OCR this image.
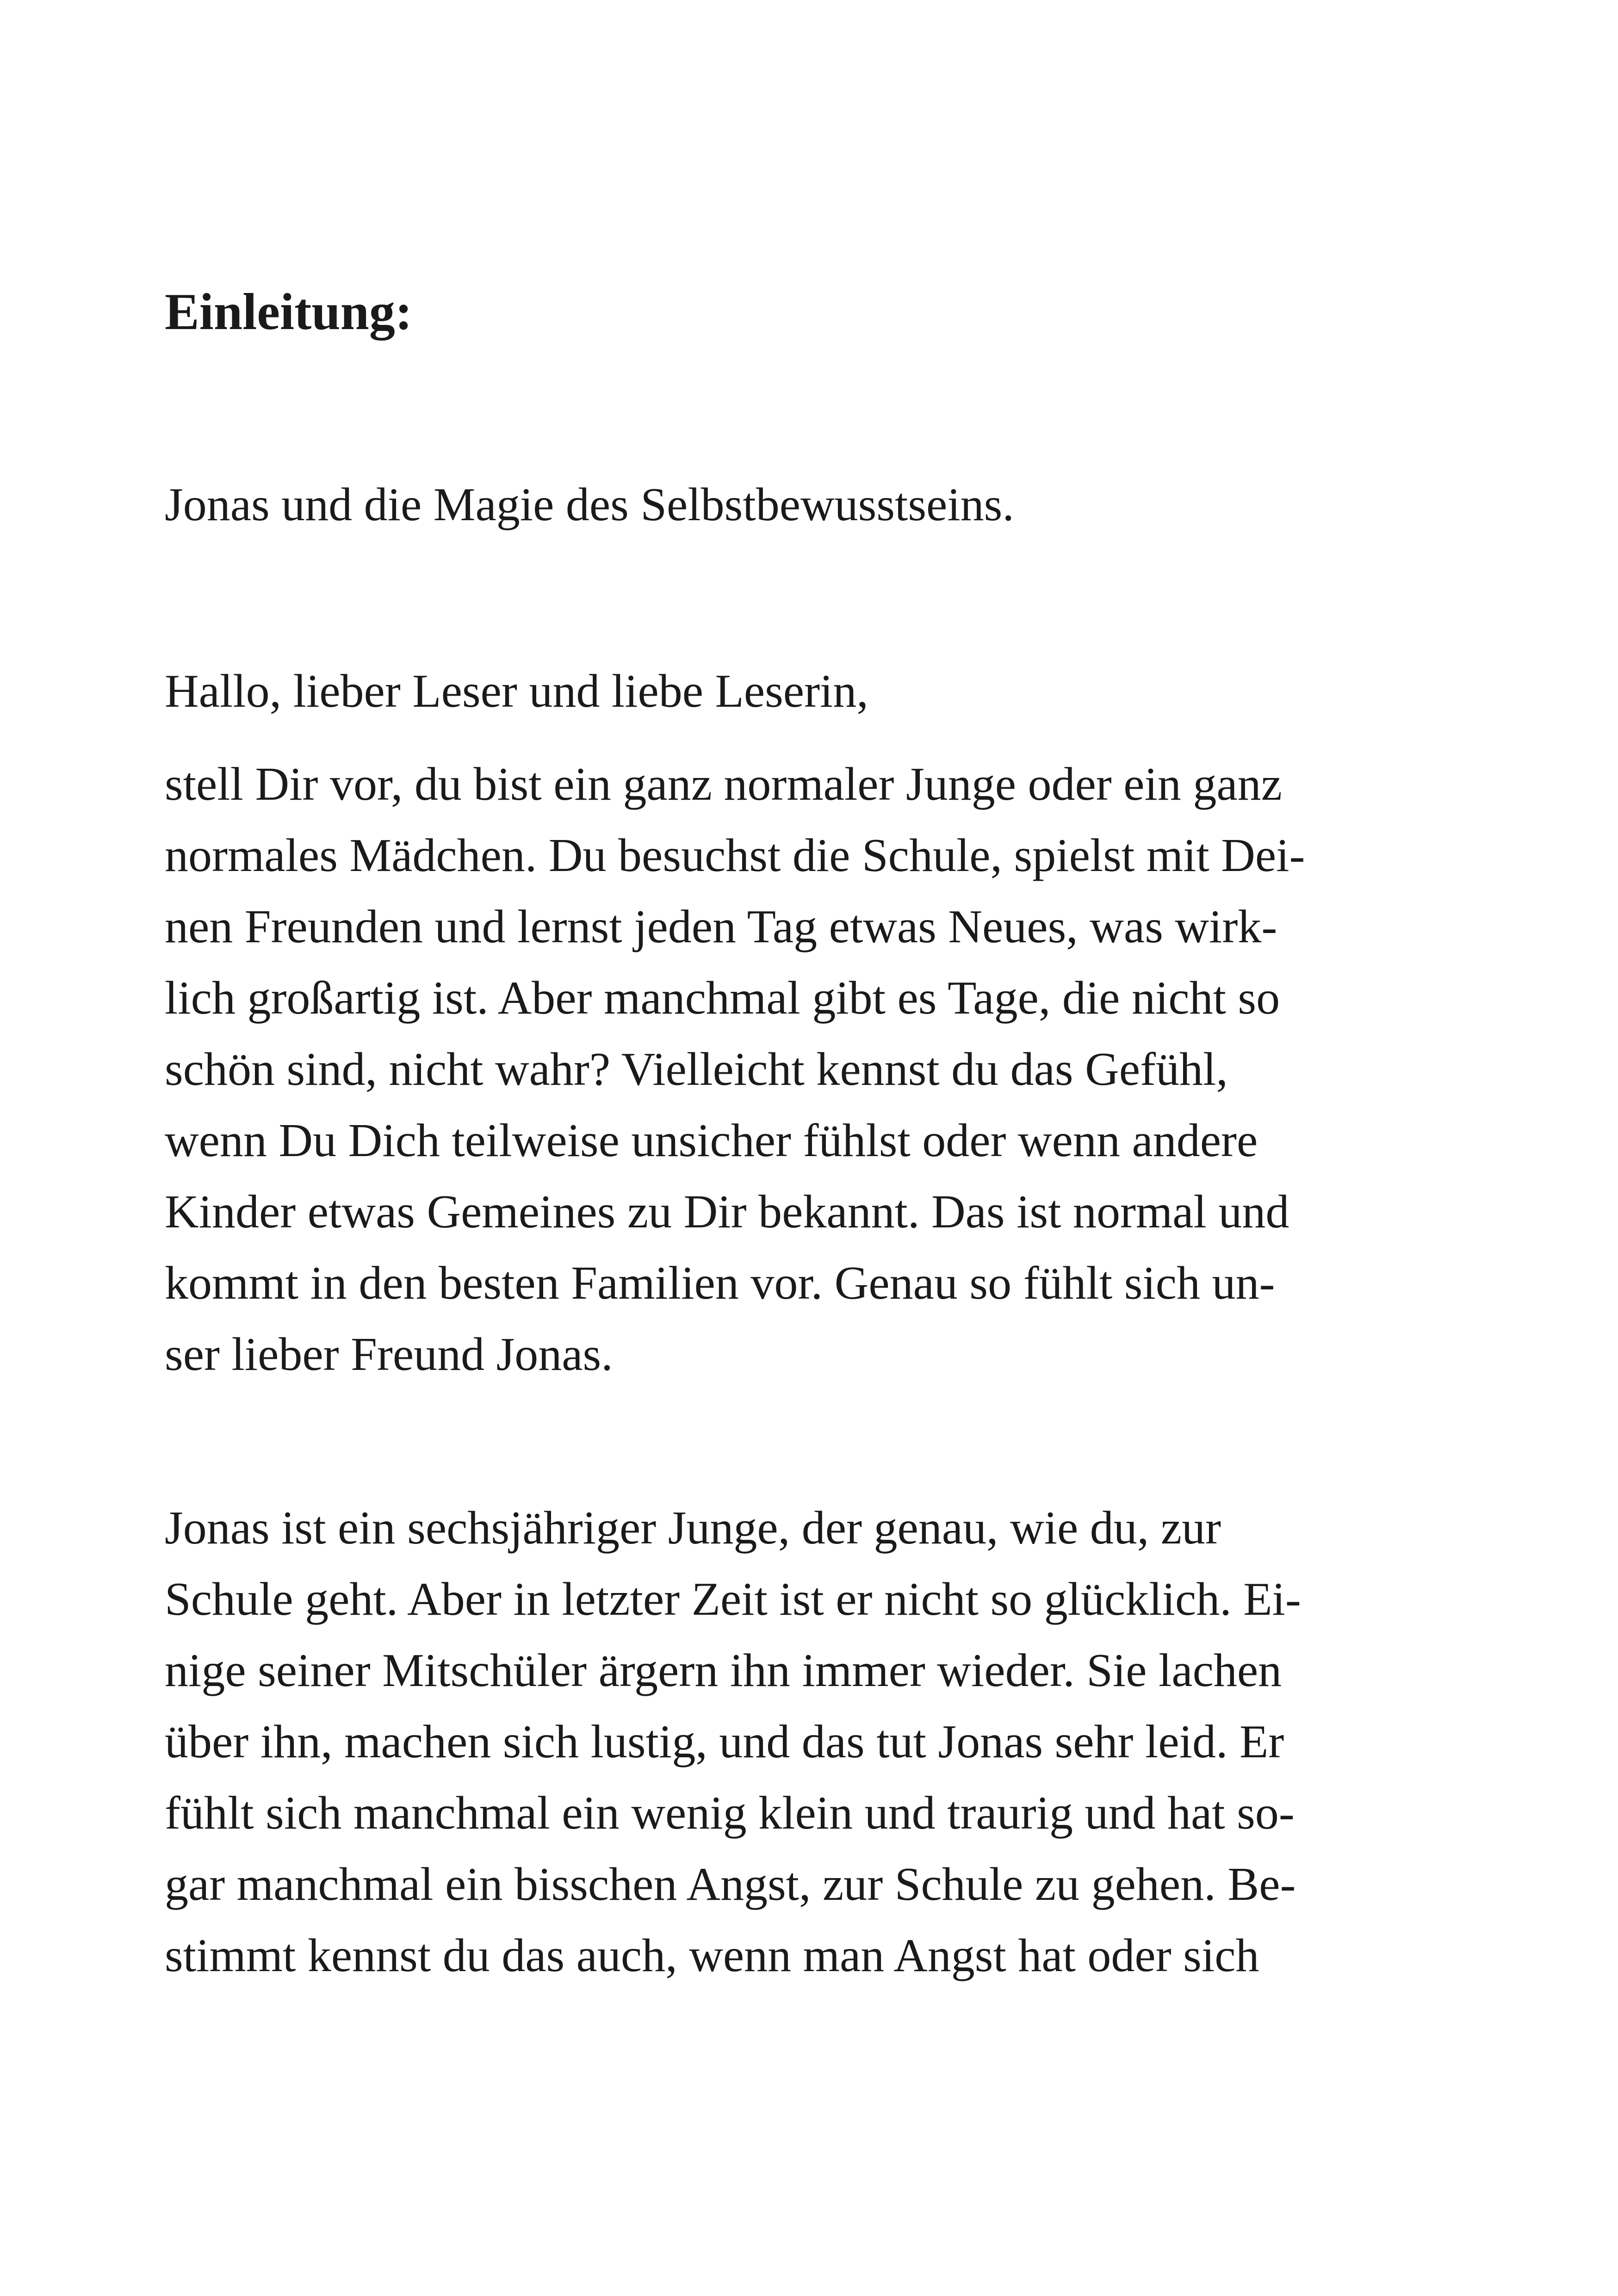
Einleitung:

Jonas und die Magie des Selbstbewusstseins.

Hallo, lieber Leser und liebe Leserin,

stell Dir vor, du bist ein ganz normaler Junge oder ein ganz
normales Mädchen. Du besuchst die Schule, spielst mit Dei-
nen Freunden und lernst jeden Tag etwas Neues, was wirk-
lich großartig ist. Aber manchmal gibt es Tage, die nicht so
schön sind, nicht wahr? Vielleicht kennst du das Gefühl,
wenn Du Dich teilweise unsicher fühlst oder wenn andere
Kinder etwas Gemeines zu Dir bekannt. Das ist normal und
kommt in den besten Familien vor. Genau so fühlt sich un-
ser lieber Freund Jonas.
Jonas ist ein sechsjähriger Junge, der genau, wie du, zur
Schule geht. Aber in letzter Zeit ist er nicht so glücklich. Ei-
nige seiner Mitschüler ärgern ihn immer wieder. Sie lachen
über ihn, machen sich lustig, und das tut Jonas sehr leid. Er
fühlt sich manchmal ein wenig klein und traurig und hat so-
gar manchmal ein bisschen Angst, zur Schule zu gehen. Be-
stimmt kennst du das auch, wenn man Angst hat oder sich
